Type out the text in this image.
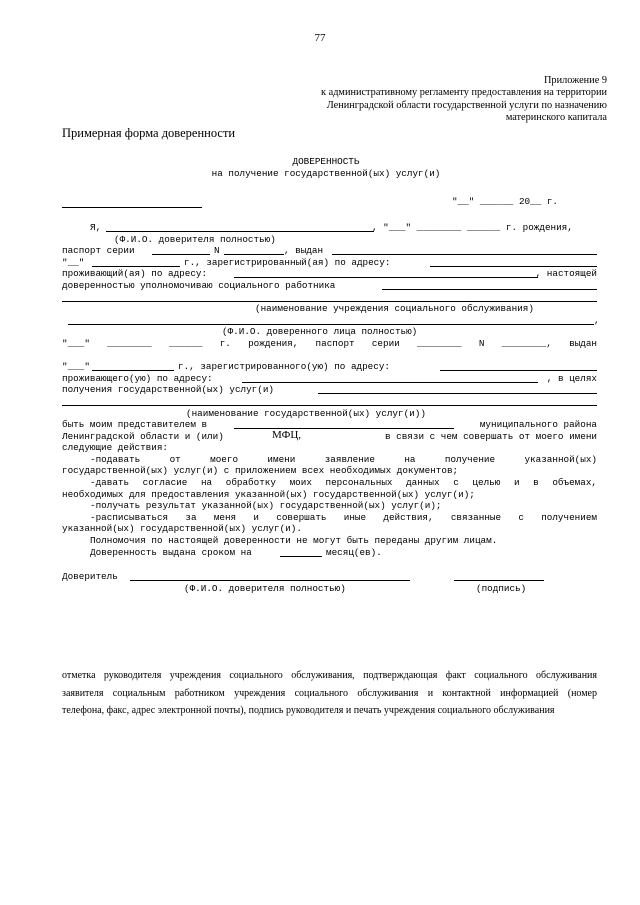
77
Приложение 9
к административному регламенту предоставления на территории
Ленинградской области государственной услуги по назначению
материнского капитала
Примерная форма доверенности
ДОВЕРЕННОСТЬ
на получение государственной(ых) услуг(и)
"__" ______ 20__ г.
Я,	, "___" ________ ______ г. рождения,
(Ф.И.О. доверителя полностью)
паспорт серии	N	, выдан
"__"	г., зарегистрированный(ая) по адресу:
проживающий(ая) по адресу:	, настоящей
доверенностью уполномочиваю социального работника
(наименование учреждения социального обслуживания)
,
(Ф.И.О. доверенного лица полностью)
"___" ________ ______ г. рождения, паспорт серии ________ N ________, выдан
"___"	г., зарегистрированного(ую) по адресу:
проживающего(ую) по адресу:	, в целях
получения государственной(ых) услуг(и)
(наименование государственной(ых) услуг(и))
быть моим представителем в	муниципального района
Ленинградской области и (или)	МФЦ,	в связи с чем совершать от моего имени
следующие действия:
-подавать от моего имени заявление на получение указанной(ых)
государственной(ых) услуг(и) с приложением всех необходимых документов;
-давать согласие на обработку моих персональных данных с целью и в объемах,
необходимых для предоставления указанной(ых) государственной(ых) услуг(и);
-получать результат указанной(ых) государственной(ых) услуг(и);
-расписываться за меня и совершать иные действия, связанные с получением
указанной(ых) государственной(ых) услуг(и).
Полномочия по настоящей доверенности не могут быть переданы другим лицам.
Доверенность выдана сроком на	месяц(ев).
Доверитель
(Ф.И.О. доверителя полностью)	(подпись)
отметка руководителя учреждения социального обслуживания, подтверждающая факт социального обслуживания
заявителя социальным работником учреждения социального обслуживания и контактной информацией (номер
телефона, факс, адрес электронной почты), подпись руководителя и печать учреждения социального обслуживания
